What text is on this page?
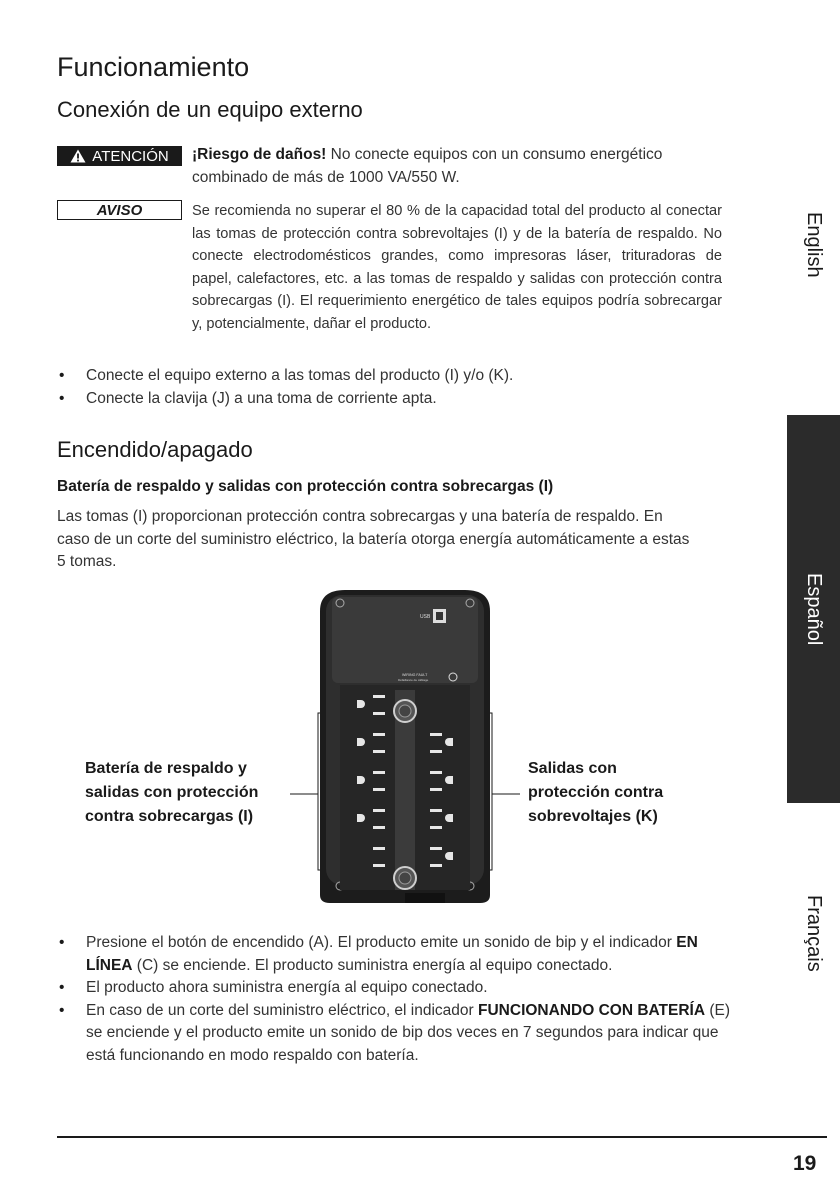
Funcionamiento
Conexión de un equipo externo
ATENCIÓN ¡Riesgo de daños! No conecte equipos con un consumo energético combinado de más de 1000 VA/550 W.
AVISO	Se recomienda no superar el 80 % de la capacidad total del producto al conectar las tomas de protección contra sobrevoltajes (I) y de la batería de respaldo. No conecte electrodomésticos grandes, como impresoras láser, trituradoras de papel, calefactores, etc. a las tomas de respaldo y salidas con protección contra sobrecargas (I). El requerimiento energético de tales equipos podría sobrecargar y, potencialmente, dañar el producto.
• Conecte el equipo externo a las tomas del producto (I) y/o (K).
• Conecte la clavija (J) a una toma de corriente apta.
Encendido/apagado
Batería de respaldo y salidas con protección contra sobrecargas (I)
Las tomas (I) proporcionan protección contra sobrecargas y una batería de respaldo. En caso de un corte del suministro eléctrico, la batería otorga energía automáticamente a estas 5 tomas.
USB
WIRING FAULT
Défaillance de câblage
Batería de respaldo y salidas con protección contra sobrecargas (I)
Salidas con protección contra sobrevoltajes (K)
• Presione el botón de encendido (A). El producto emite un sonido de bip y el indicador EN LÍNEA (C) se enciende. El producto suministra energía al equipo conectado.
• El producto ahora suministra energía al equipo conectado.
• En caso de un corte del suministro eléctrico, el indicador FUNCIONANDO CON BATERÍA (E) se enciende y el producto emite un sonido de bip dos veces en 7 segundos para indicar que está funcionando en modo respaldo con batería.
English
Español
Français
19
